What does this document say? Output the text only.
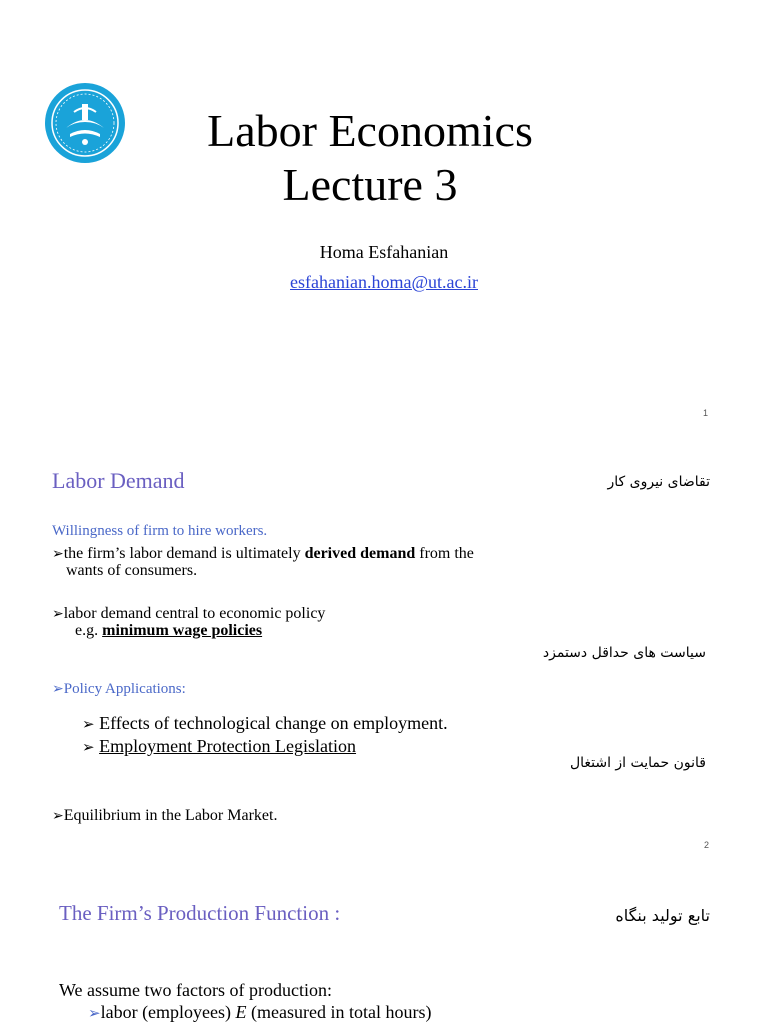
Labor Economics
Lecture 3
Homa Esfahanian
esfahanian.homa@ut.ac.ir
1
Labor Demand	تقاضای نیروی کار
Willingness of firm to hire workers.
➢the firm’s labor demand is ultimately derived demand from the
wants of consumers.
➢labor demand central to economic policy
e.g. minimum wage policies
سیاست های حداقل دستمزد
➢Policy Applications:
➢ Effects of technological change on employment.
➢ Employment Protection Legislation
قانون حمایت از اشتغال
➢Equilibrium in the Labor Market.
2
The Firm’s Production Function :	تابع تولید بنگاه
We assume two factors of production:
➢labor (employees) E (measured in total hours)
